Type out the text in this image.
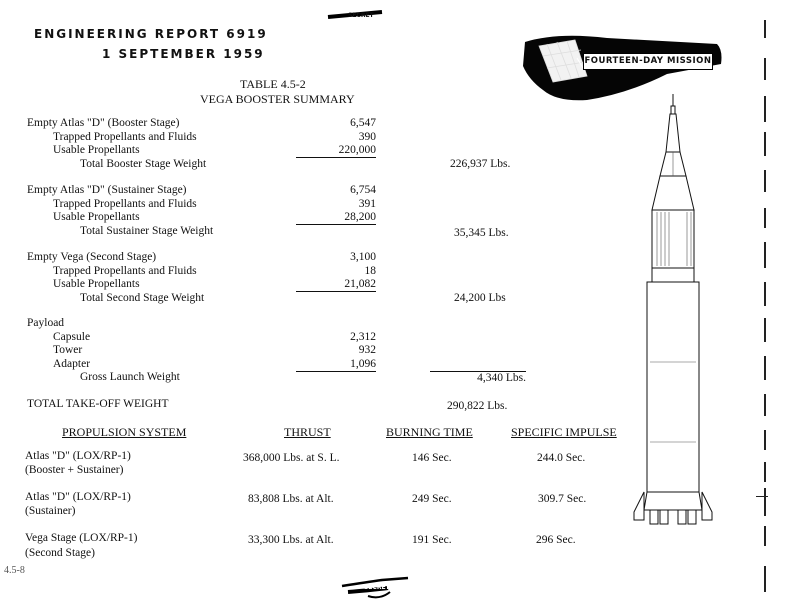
ENGINEERING REPORT 6919
1 SEPTEMBER 1959
SECRET
FOURTEEN-DAY MISSION
TABLE 4.5-2
VEGA BOOSTER SUMMARY
Empty Atlas "D" (Booster Stage)	6,547
Trapped Propellants and Fluids	390
Usable Propellants	220,000
Total Booster Stage Weight	226,937 Lbs.
Empty Atlas "D" (Sustainer Stage)	6,754
Trapped Propellants and Fluids	391
Usable Propellants	28,200
Total Sustainer Stage Weight	35,345 Lbs.
Empty Vega (Second Stage)	3,100
Trapped Propellants and Fluids	18
Usable Propellants	21,082
Total Second Stage Weight	24,200 Lbs
Payload
Capsule	2,312
Tower	932
Adapter	1,096
Gross Launch Weight	4,340 Lbs.
TOTAL TAKE-OFF WEIGHT	290,822 Lbs.
PROPULSION SYSTEM	THRUST	BURNING TIME	SPECIFIC IMPULSE
Atlas "D" (LOX/RP-1)
(Booster + Sustainer)
368,000 Lbs. at S. L.	146 Sec.	244.0 Sec.
Atlas "D" (LOX/RP-1)
(Sustainer)
83,808 Lbs. at Alt.	249 Sec.	309.7 Sec.
Vega Stage (LOX/RP-1)
(Second Stage)
33,300 Lbs. at Alt.	191 Sec.	296 Sec.
4.5-8
SECRET
